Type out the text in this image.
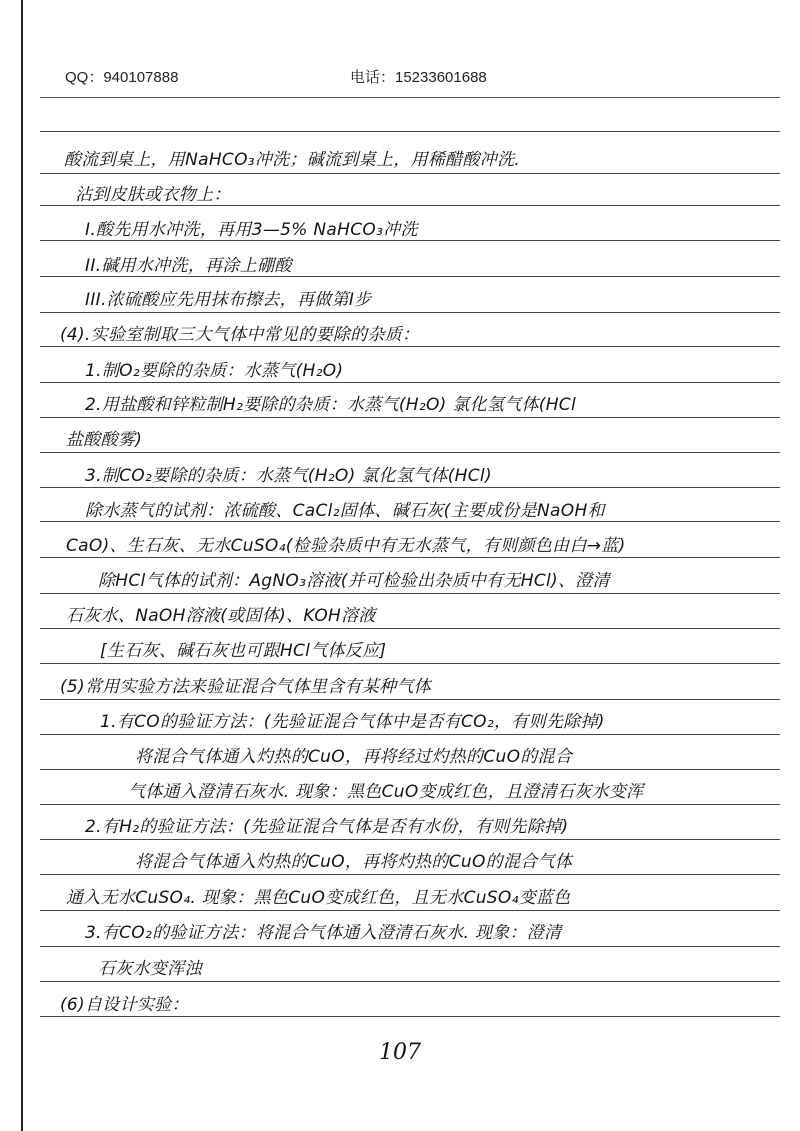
QQ：940107888	电话：15233601688
酸流到桌上，用NaHCO₃冲洗；碱流到桌上，用稀醋酸冲洗.
沾到皮肤或衣物上：
I.酸先用水冲洗，再用3—5% NaHCO₃冲洗
II.碱用水冲洗，再涂上硼酸
III.浓硫酸应先用抹布擦去，再做第I步
(4).实验室制取三大气体中常见的要除的杂质：
1.制O₂要除的杂质：水蒸气(H₂O)
2.用盐酸和锌粒制H₂要除的杂质：水蒸气(H₂O) 氯化氢气体(HCl
盐酸酸雾)
3.制CO₂要除的杂质：水蒸气(H₂O) 氯化氢气体(HCl)
除水蒸气的试剂：浓硫酸、CaCl₂固体、碱石灰(主要成份是NaOH和
CaO)、生石灰、无水CuSO₄(检验杂质中有无水蒸气，有则颜色由白→蓝)
除HCl气体的试剂：AgNO₃溶液(并可检验出杂质中有无HCl)、澄清
石灰水、NaOH溶液(或固体)、KOH溶液
[生石灰、碱石灰也可跟HCl气体反应]
(5)常用实验方法来验证混合气体里含有某种气体
1.有CO的验证方法：(先验证混合气体中是否有CO₂，有则先除掉)
将混合气体通入灼热的CuO，再将经过灼热的CuO的混合
气体通入澄清石灰水. 现象：黑色CuO变成红色，且澄清石灰水变浑
2.有H₂的验证方法：(先验证混合气体是否有水份，有则先除掉)
将混合气体通入灼热的CuO，再将灼热的CuO的混合气体
通入无水CuSO₄. 现象：黑色CuO变成红色，且无水CuSO₄变蓝色
3.有CO₂的验证方法：将混合气体通入澄清石灰水. 现象：澄清
石灰水变浑浊
(6)自设计实验：
107
